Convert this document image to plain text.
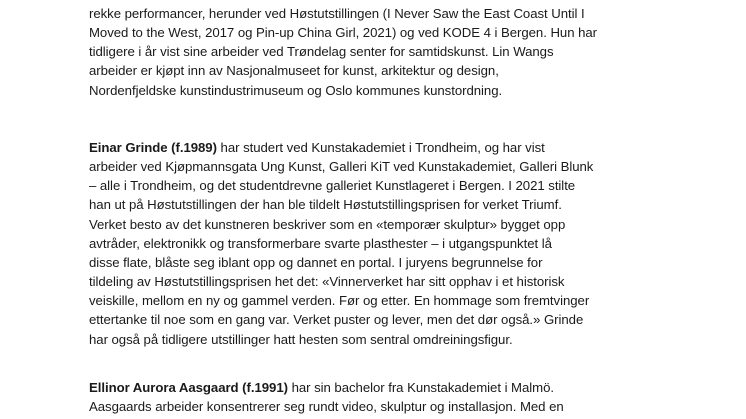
rekke performancer, herunder ved Høstutstillingen (I Never Saw the East Coast Until I
Moved to the West, 2017 og Pin-up China Girl, 2021) og ved KODE 4 i Bergen. Hun har
tidligere i år vist sine arbeider ved Trøndelag senter for samtidskunst. Lin Wangs
arbeider er kjøpt inn av Nasjonalmuseet for kunst, arkitektur og design,
Nordenfjeldske kunstindustrimuseum og Oslo kommunes kunstordning.

Einar Grinde (f.1989) har studert ved Kunstakademiet i Trondheim, og har vist
arbeider ved Kjøpmannsgata Ung Kunst, Galleri KiT ved Kunstakademiet, Galleri Blunk
– alle i Trondheim, og det studentdrevne galleriet Kunstlageret i Bergen. I 2021 stilte
han ut på Høstutstillingen der han ble tildelt Høstutstillingsprisen for verket Triumf.
Verket besto av det kunstneren beskriver som en «temporær skulptur» bygget opp
avtråder, elektronikk og transformerbare svarte plasthester – i utgangspunktet lå
disse flate, blåste seg iblant opp og dannet en portal. I juryens begrunnelse for
tildeling av Høstutstillingsprisen het det: «Vinnerverket har sitt opphav i et historisk
veiskille, mellom en ny og gammel verden. Før og etter. En hommage som fremtvinger
ettertanke til noe som en gang var. Verket puster og lever, men det dør også.» Grinde
har også på tidligere utstillinger hatt hesten som sentral omdreiningsfigur.

Ellinor Aurora Aasgaard (f.1991) har sin bachelor fra Kunstakademiet i Malmö.
Aasgaards arbeider konsentrerer seg rundt video, skulptur og installasjon. Med en
